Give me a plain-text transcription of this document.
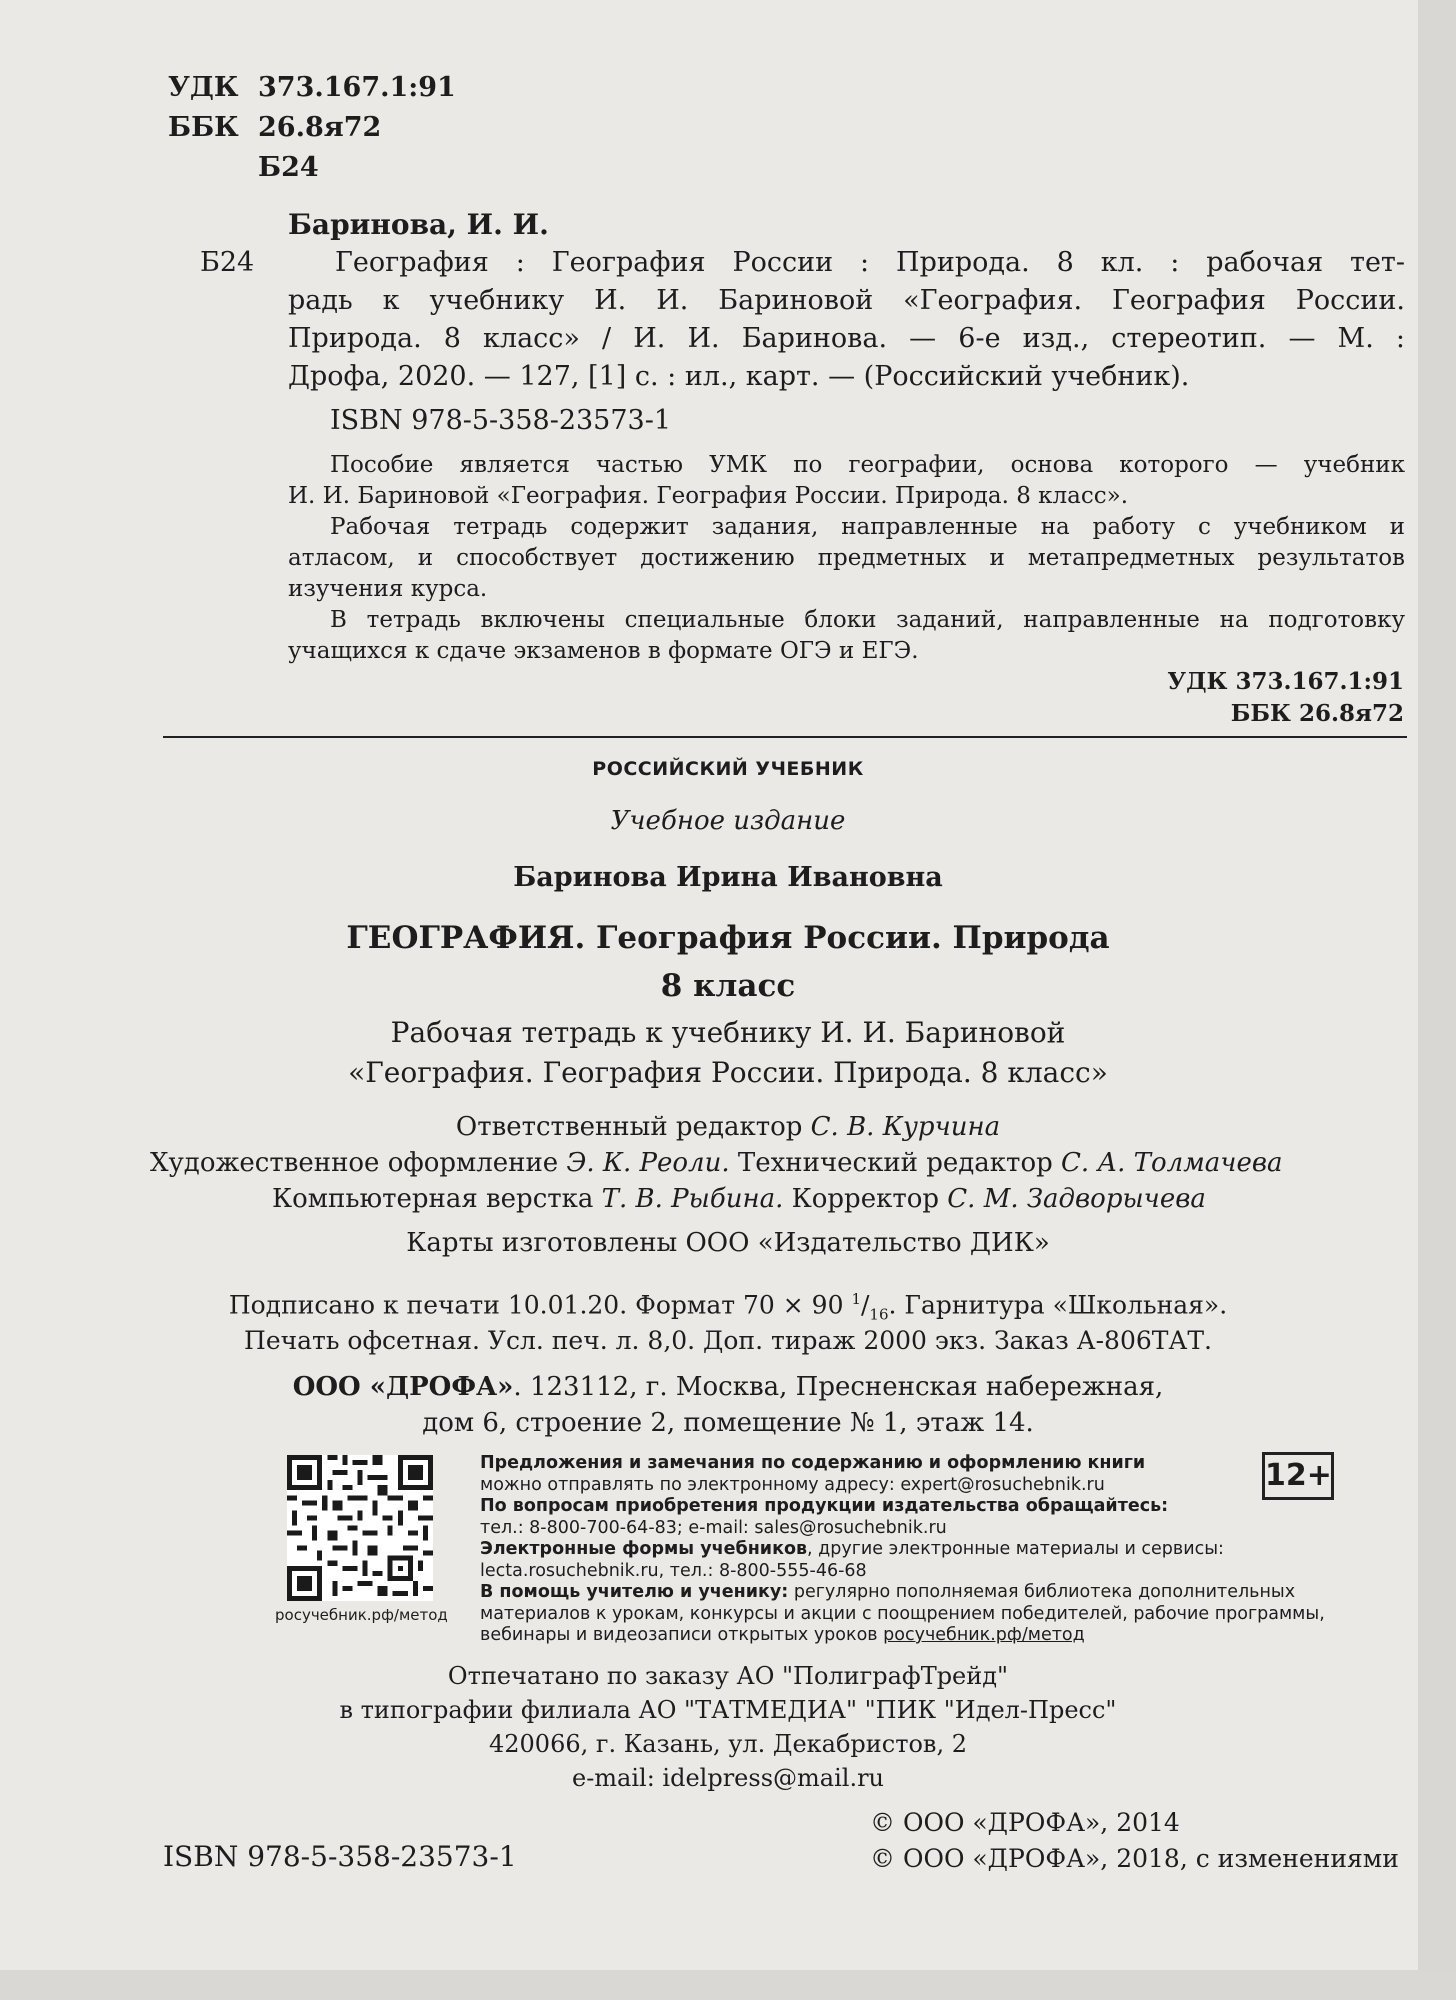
УДК 373.167.1:91
ББК 26.8я72
Б24
Баринова, И. И.
Б24	География : География России : Природа. 8 кл. : рабочая тет-
радь к учебнику И. И. Бариновой «География. География России.
Природа. 8 класс» / И. И. Баринова. — 6-е изд., стереотип. — М. :
Дрофа, 2020. — 127, [1] с. : ил., карт. — (Российский учебник).
ISBN 978-5-358-23573-1
Пособие является частью УМК по географии, основа которого — учебник
И. И. Бариновой «География. География России. Природа. 8 класс».
Рабочая тетрадь содержит задания, направленные на работу с учебником и
атласом, и способствует достижению предметных и метапредметных результатов
изучения курса.
В тетрадь включены специальные блоки заданий, направленные на подготовку
учащихся к сдаче экзаменов в формате ОГЭ и ЕГЭ.
УДК 373.167.1:91
ББК 26.8я72
РОССИЙСКИЙ УЧЕБНИК
Учебное издание
Баринова Ирина Ивановна
ГЕОГРАФИЯ. География России. Природа
8 класс
Рабочая тетрадь к учебнику И. И. Бариновой
«География. География России. Природа. 8 класс»
Ответственный редактор С. В. Курчина
Художественное оформление Э. К. Реоли. Технический редактор С. А. Толмачева
Компьютерная верстка Т. В. Рыбина. Корректор С. М. Задворычева
Карты изготовлены ООО «Издательство ДИК»
Подписано к печати 10.01.20. Формат 70 × 90 $^1/_{16}$. Гарнитура «Школьная».
Печать офсетная. Усл. печ. л. 8,0. Доп. тираж 2000 экз. Заказ А-806ТАТ.
ООО «ДРОФА». 123112, г. Москва, Пресненская набережная,
дом 6, строение 2, помещение № 1, этаж 14.
росучебник.рф/метод
12+
Предложения и замечания по содержанию и оформлению книги
можно отправлять по электронному адресу: expert@rosuchebnik.ru
По вопросам приобретения продукции издательства обращайтесь:
тел.: 8-800-700-64-83; e-mail: sales@rosuchebnik.ru
Электронные формы учебников, другие электронные материалы и сервисы:
lecta.rosuchebnik.ru, тел.: 8-800-555-46-68
В помощь учителю и ученику: регулярно пополняемая библиотека дополнительных
материалов к урокам, конкурсы и акции с поощрением победителей, рабочие программы,
вебинары и видеозаписи открытых уроков росучебник.рф/метод
Отпечатано по заказу АО "ПолиграфТрейд"
в типографии филиала АО "ТАТМЕДИА" "ПИК "Идел-Пресс"
420066, г. Казань, ул. Декабристов, 2
e-mail: idelpress@mail.ru
ISBN 978-5-358-23573-1
© ООО «ДРОФА», 2014
© ООО «ДРОФА», 2018, с изменениями
